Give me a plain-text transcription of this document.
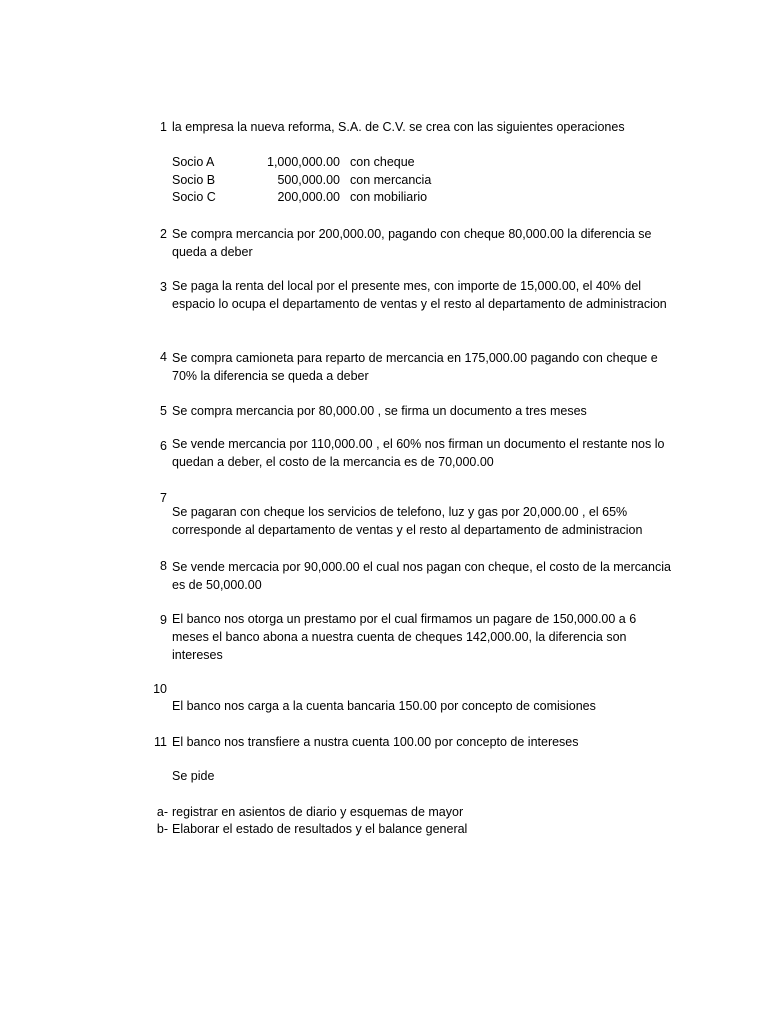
1 la empresa la nueva reforma, S.A. de C.V. se crea con las siguientes operaciones
Socio A	1,000,000.00 con cheque
Socio B	500,000.00 con mercancia
Socio C	200,000.00 con mobiliario
2 Se compra mercancia por 200,000.00, pagando con cheque 80,000.00 la diferencia se queda a deber
3 Se paga la renta del local por el presente mes, con importe de 15,000.00, el 40% del espacio lo ocupa el departamento de ventas y el resto al departamento de administracion
4 Se compra camioneta para reparto de mercancia en 175,000.00 pagando con cheque e 70% la diferencia se queda a deber
5 Se compra mercancia por 80,000.00 , se firma un documento a tres meses
6 Se vende mercancia por 110,000.00 , el 60% nos firman un documento el restante nos lo quedan a deber, el costo de la mercancia es de 70,000.00
7
Se pagaran con cheque los servicios de telefono, luz y gas por 20,000.00 , el 65% corresponde al departamento de ventas y el resto al departamento de administracion
8 Se vende mercacia por 90,000.00 el cual nos pagan con cheque, el costo de la mercancia es de 50,000.00
9 El banco nos otorga un prestamo por el cual firmamos un pagare de 150,000.00 a 6 meses el banco abona a nuestra cuenta de cheques 142,000.00, la diferencia son intereses
10
El banco nos carga a la cuenta bancaria 150.00 por concepto de comisiones
11 El banco nos transfiere a nustra cuenta 100.00 por concepto de intereses
Se pide
a- registrar en asientos de diario y esquemas de mayor
b- Elaborar el estado de resultados y el balance general
